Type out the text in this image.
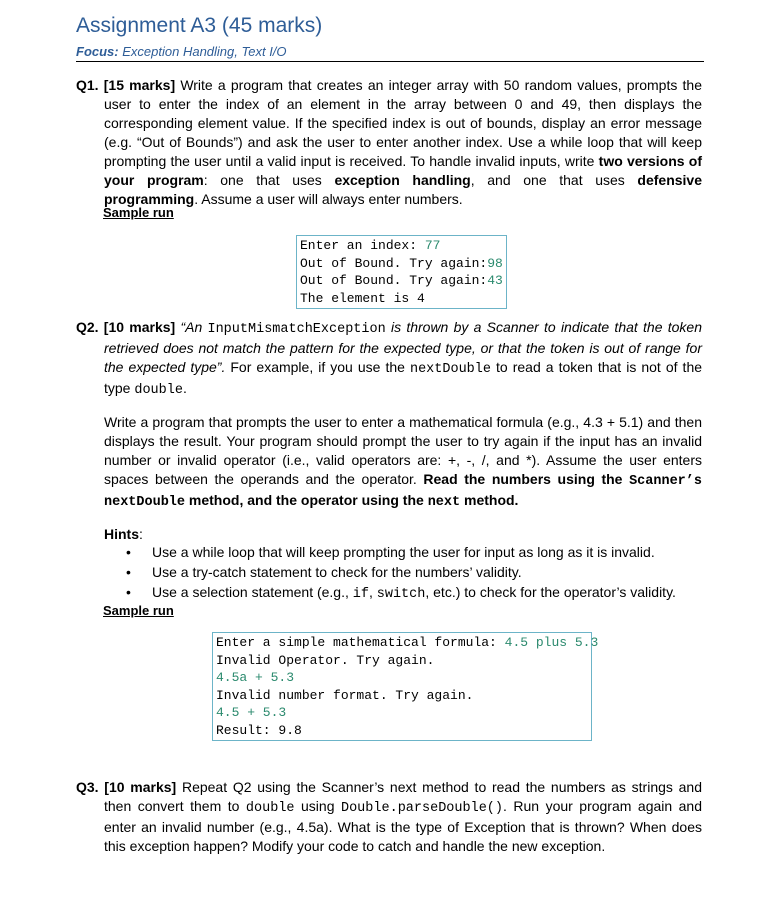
Assignment A3 (45 marks)
Focus: Exception Handling, Text I/O
Q1. [15 marks] Write a program that creates an integer array with 50 random values, prompts the user to enter the index of an element in the array between 0 and 49, then displays the corresponding element value. If the specified index is out of bounds, display an error message (e.g. “Out of Bounds”) and ask the user to enter another index. Use a while loop that will keep prompting the user until a valid input is received. To handle invalid inputs, write two versions of your program: one that uses exception handling, and one that uses defensive programming. Assume a user will always enter numbers.
Sample run
Enter an index: 77
Out of Bound. Try again:98
Out of Bound. Try again:43
The element is 4
Q2. [10 marks] “An InputMismatchException is thrown by a Scanner to indicate that the token retrieved does not match the pattern for the expected type, or that the token is out of range for the expected type”. For example, if you use the nextDouble to read a token that is not of the type double.
Write a program that prompts the user to enter a mathematical formula (e.g., 4.3 + 5.1) and then displays the result. Your program should prompt the user to try again if the input has an invalid number or invalid operator (i.e., valid operators are: +, -, /, and *). Assume the user enters spaces between the operands and the operator. Read the numbers using the Scanner’s nextDouble method, and the operator using the next method.
Hints:
• Use a while loop that will keep prompting the user for input as long as it is invalid.
• Use a try-catch statement to check for the numbers’ validity.
• Use a selection statement (e.g., if, switch, etc.) to check for the operator’s validity.
Sample run
Enter a simple mathematical formula: 4.5 plus 5.3
Invalid Operator. Try again.
4.5a + 5.3
Invalid number format. Try again.
4.5 + 5.3
Result: 9.8
Q3. [10 marks] Repeat Q2 using the Scanner’s next method to read the numbers as strings and then convert them to double using Double.parseDouble(). Run your program again and enter an invalid number (e.g., 4.5a). What is the type of Exception that is thrown? When does this exception happen? Modify your code to catch and handle the new exception.
